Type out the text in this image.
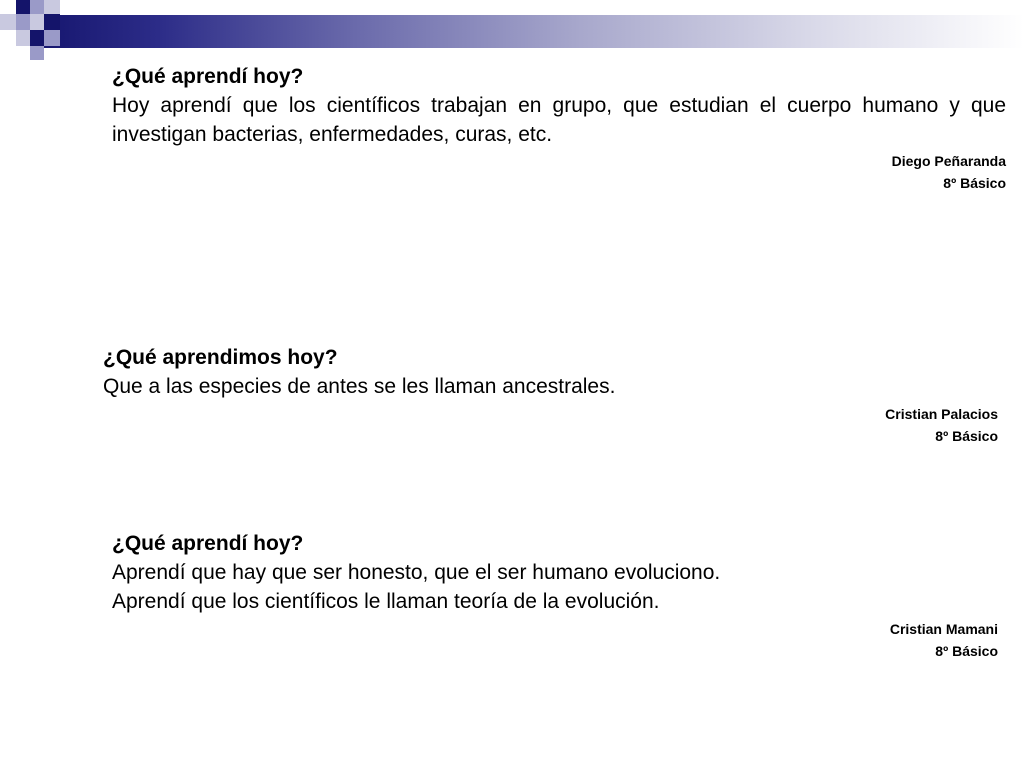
¿Qué aprendí hoy?

Hoy aprendí que los científicos trabajan en grupo, que estudian el cuerpo humano y que investigan bacterias, enfermedades, curas, etc.

Diego Peñaranda

8º Básico

¿Qué aprendimos hoy?

Que a las especies de antes se les llaman ancestrales.

Cristian Palacios

8º Básico

¿Qué aprendí hoy?

Aprendí que hay que ser honesto, que el ser humano evoluciono.

Aprendí que los científicos le llaman teoría de la evolución.

Cristian Mamani

8º Básico
